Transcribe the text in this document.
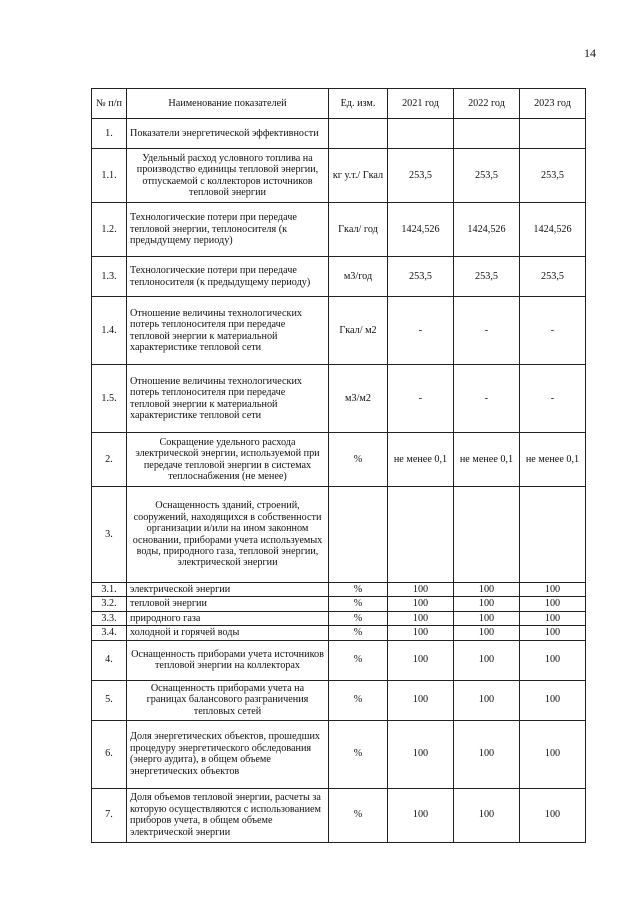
14
№ п/п	Наименование показателей	Ед. изм.	2021 год	2022 год	2023 год
1.	Показатели энергетической эффективности				
1.1.	Удельный расход условного топлива на производство единицы тепловой энергии, отпускаемой с коллекторов источников тепловой энергии	кг у.т./ Гкал	253,5	253,5	253,5
1.2.	Технологические потери при передаче тепловой энергии, теплоносителя (к предыдущему периоду)	Гкал/ год	1424,526	1424,526	1424,526
1.3.	Технологические потери при передаче теплоносителя (к предыдущему периоду)	м3/год	253,5	253,5	253,5
1.4.	Отношение величины технологических потерь теплоносителя при передаче тепловой энергии к материальной характеристике тепловой сети	Гкал/ м2	-	-	-
1.5.	Отношение величины технологических потерь теплоносителя при передаче тепловой энергии к материальной характеристике тепловой сети	м3/м2	-	-	-
2.	Сокращение удельного расхода электрической энергии, используемой при передаче тепловой энергии в системах теплоснабжения (не менее)	%	не менее 0,1	не менее 0,1	не менее 0,1
3.	Оснащенность зданий, строений, сооружений, находящихся в собственности организации и/или на ином законном основании, приборами учета используемых воды, природного газа, тепловой энергии, электрической энергии				
3.1.	электрической энергии	%	100	100	100
3.2.	тепловой энергии	%	100	100	100
3.3.	природного газа	%	100	100	100
3.4.	холодной и горячей воды	%	100	100	100
4.	Оснащенность приборами учета источников тепловой энергии на коллекторах	%	100	100	100
5.	Оснащенность приборами учета на границах балансового разграничения тепловых сетей	%	100	100	100
6.	Доля энергетических объектов, прошедших процедуру энергетического обследования (энерго аудита), в общем объеме энергетических объектов	%	100	100	100
7.	Доля объемов тепловой энергии, расчеты за которую осуществляются с использованием приборов учета, в общем объеме электрической энергии	%	100	100	100
